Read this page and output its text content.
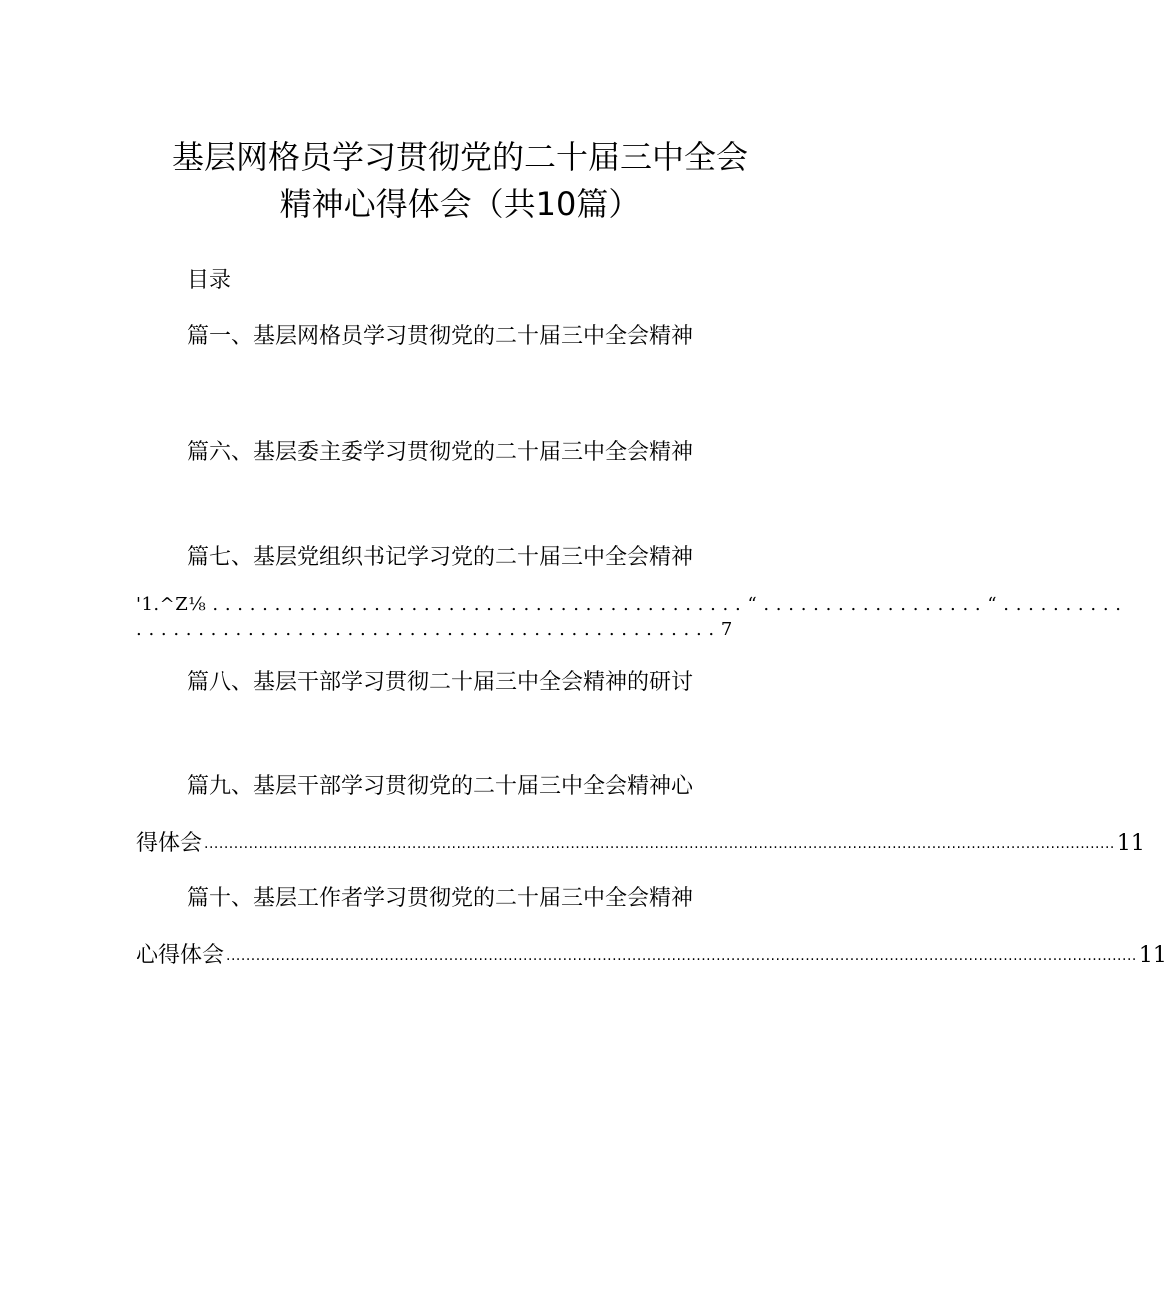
基层网格员学习贯彻党的二十届三中全会
精神心得体会（共10篇）
目录
篇一、基层网格员学习贯彻党的二十届三中全会精神
篇六、基层委主委学习贯彻党的二十届三中全会精神
篇七、基层党组织书记学习党的二十届三中全会精神
'1.^Z⅛ . . . . . . . . . . . . . . . . . . . . . . . . . . . . . . . . . . . . . . . . . . . “ . . . . . . . . . . . . . . . . . . “ . . . . . . . . . .
. . . . . . . . . . . . . . . . . . . . . . . . . . . . . . . . . . . . . . . . . . . . . . . 7
篇八、基层干部学习贯彻二十届三中全会精神的研讨
篇九、基层干部学习贯彻党的二十届三中全会精神心
得体会 ........................................................................................................................................................................................ 11
篇十、基层工作者学习贯彻党的二十届三中全会精神
心得体会 ........................................................................................................................................................................................ 11
